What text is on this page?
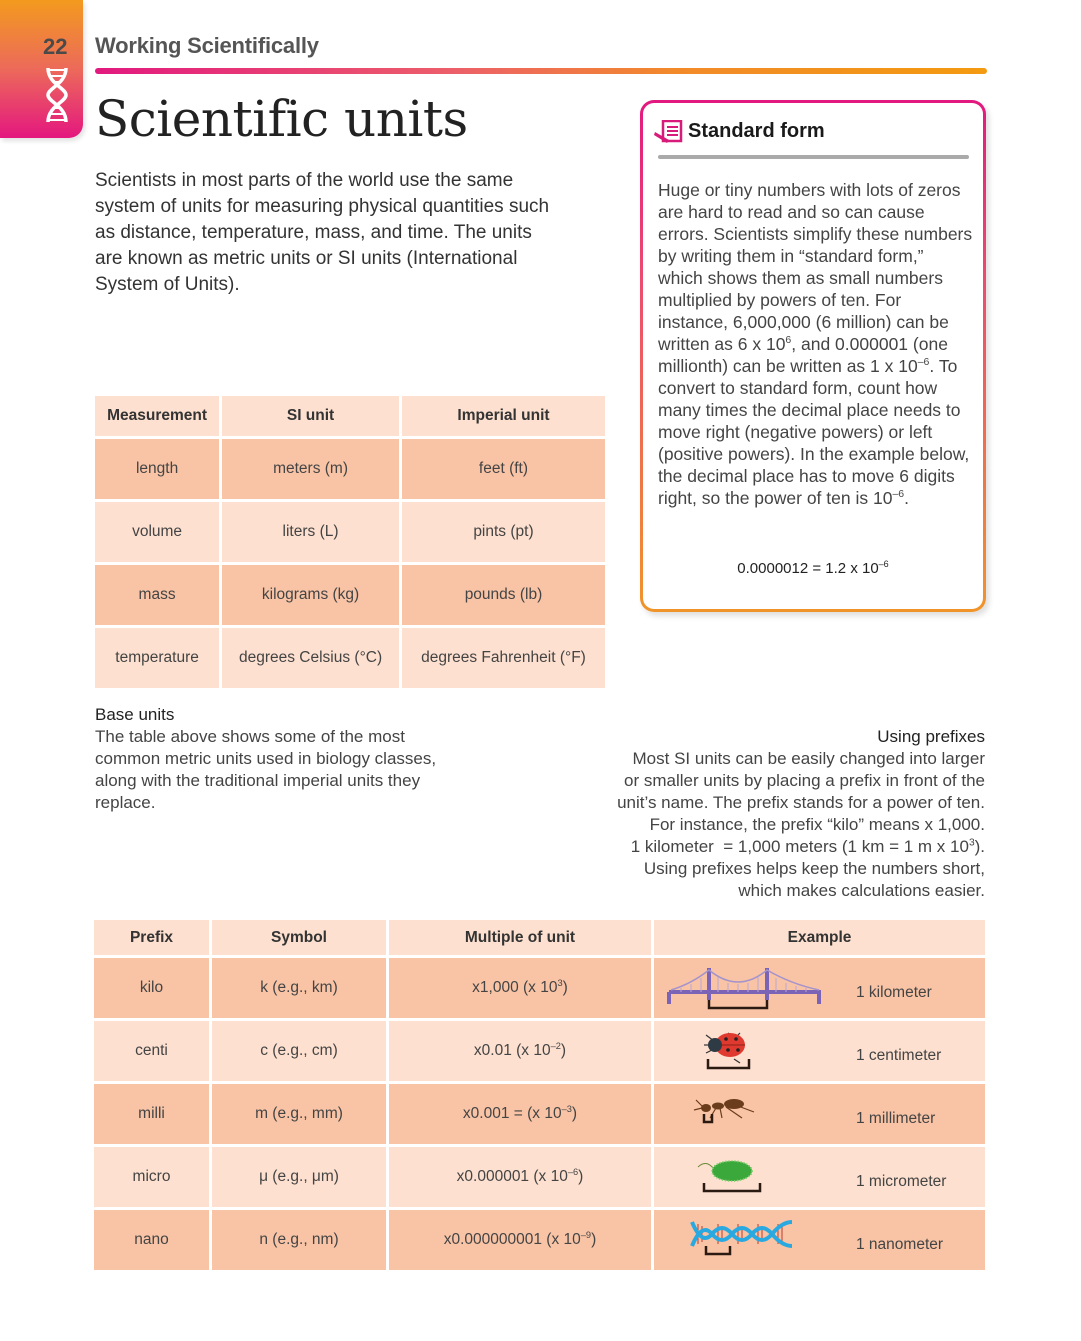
22 Working Scientifically
Scientific units

Scientists in most parts of the world use the same system of units for measuring physical quantities such as distance, temperature, mass, and time. The units are known as metric units or SI units (International System of Units).

Standard form
Huge or tiny numbers with lots of zeros are hard to read and so can cause errors. Scientists simplify these numbers by writing them in “standard form,” which shows them as small numbers multiplied by powers of ten. For instance, 6,000,000 (6 million) can be written as 6 x $10^6$, and 0.000001 (one millionth) can be written as 1 x $10^{-6}$. To convert to standard form, count how many times the decimal place needs to move right (negative powers) or left (positive powers). In the example below, the decimal place has to move 6 digits right, so the power of ten is $10^{-6}$.
0.0000012 = 1.2 x $10^{-6}$
Measurement	SI unit	Imperial unit
length	meters (m)	feet (ft)
volume	liters (L)	pints (pt)
mass	kilograms (kg)	pounds (lb)
temperature	degrees Celsius (°C)	degrees Fahrenheit (°F)
Base units
The table above shows some of the most common metric units used in biology classes, along with the traditional imperial units they replace.
Using prefixes
Most SI units can be easily changed into larger
or smaller units by placing a prefix in front of the
unit’s name. The prefix stands for a power of ten.
For instance, the prefix “kilo” means x 1,000.
1 kilometer  = 1,000 meters (1 km = 1 m x $10^3$).
Using prefixes helps keep the numbers short,
which makes calculations easier.
Prefix	Symbol	Multiple of unit	Example
kilo	k (e.g., km)	x1,000 (x $10^3$)	1 kilometer

centi	c (e.g., cm)	x0.01 (x $10^{-2}$)	1 centimeter

milli	m (e.g., mm)	x0.001 = (x $10^{-3}$)	1 millimeter

micro	μ (e.g., μm)	x0.000001 (x $10^{-6}$)	1 micrometer

nano	n (e.g., nm)	x0.000000001 (x $10^{-9}$)	1 nanometer
